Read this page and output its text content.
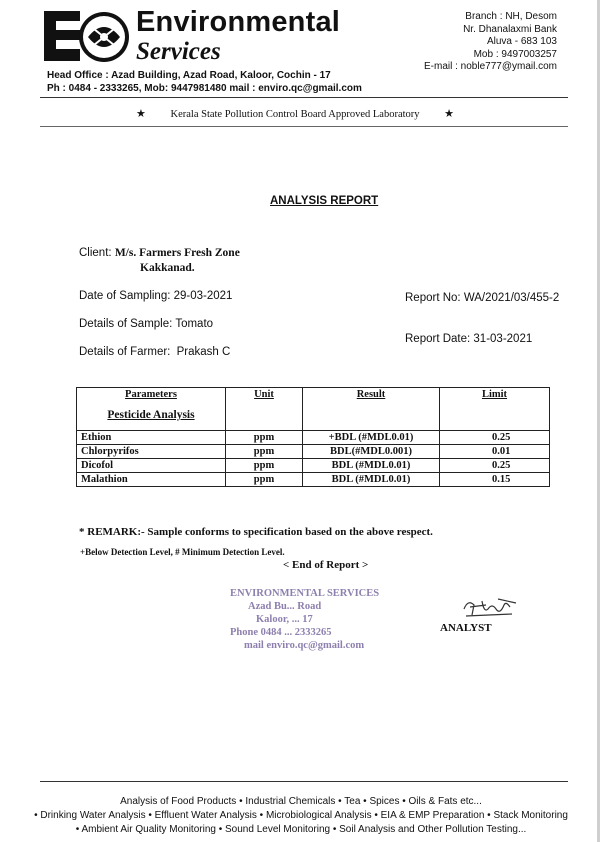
Environmental
Services
Branch : NH, Desom
Nr. Dhanalaxmi Bank
Aluva - 683 103
Mob : 9497003257
E-mail : noble777@ymail.com
Head Office : Azad Building, Azad Road, Kaloor, Cochin - 17
Ph : 0484 - 2333265, Mob: 9447981480 mail : enviro.qc@gmail.com
★ Kerala State Pollution Control Board Approved Laboratory ★
ANALYSIS REPORT
Client: M/s. Farmers Fresh Zone
Kakkanad.
Date of Sampling: 29-03-2021	Report No: WA/2021/03/455-2
Details of Sample: Tomato
Report Date: 31-03-2021
Details of Farmer: Prakash C
Parameters
Pesticide Analysis	Unit	Result	Limit
Ethion	ppm	+BDL (#MDL0.01)	0.25
Chlorpyrifos	ppm	BDL(#MDL0.001)	0.01
Dicofol	ppm	BDL (#MDL0.01)	0.25
Malathion	ppm	BDL (#MDL0.01)	0.15
* REMARK:- Sample conforms to specification based on the above respect.
+Below Detection Level, # Minimum Detection Level.
< End of Report >
ENVIRONMENTAL SERVICES
Azad Bu... Road
Kaloor, ... 17
Phone 0484 ... 2333265
mail enviro.qc@gmail.com
ANALYST
Analysis of Food Products • Industrial Chemicals • Tea • Spices • Oils & Fats etc...
• Drinking Water Analysis • Effluent Water Analysis • Microbiological Analysis • EIA & EMP Preparation • Stack Monitoring
• Ambient Air Quality Monitoring • Sound Level Monitoring • Soil Analysis and Other Pollution Testing...
